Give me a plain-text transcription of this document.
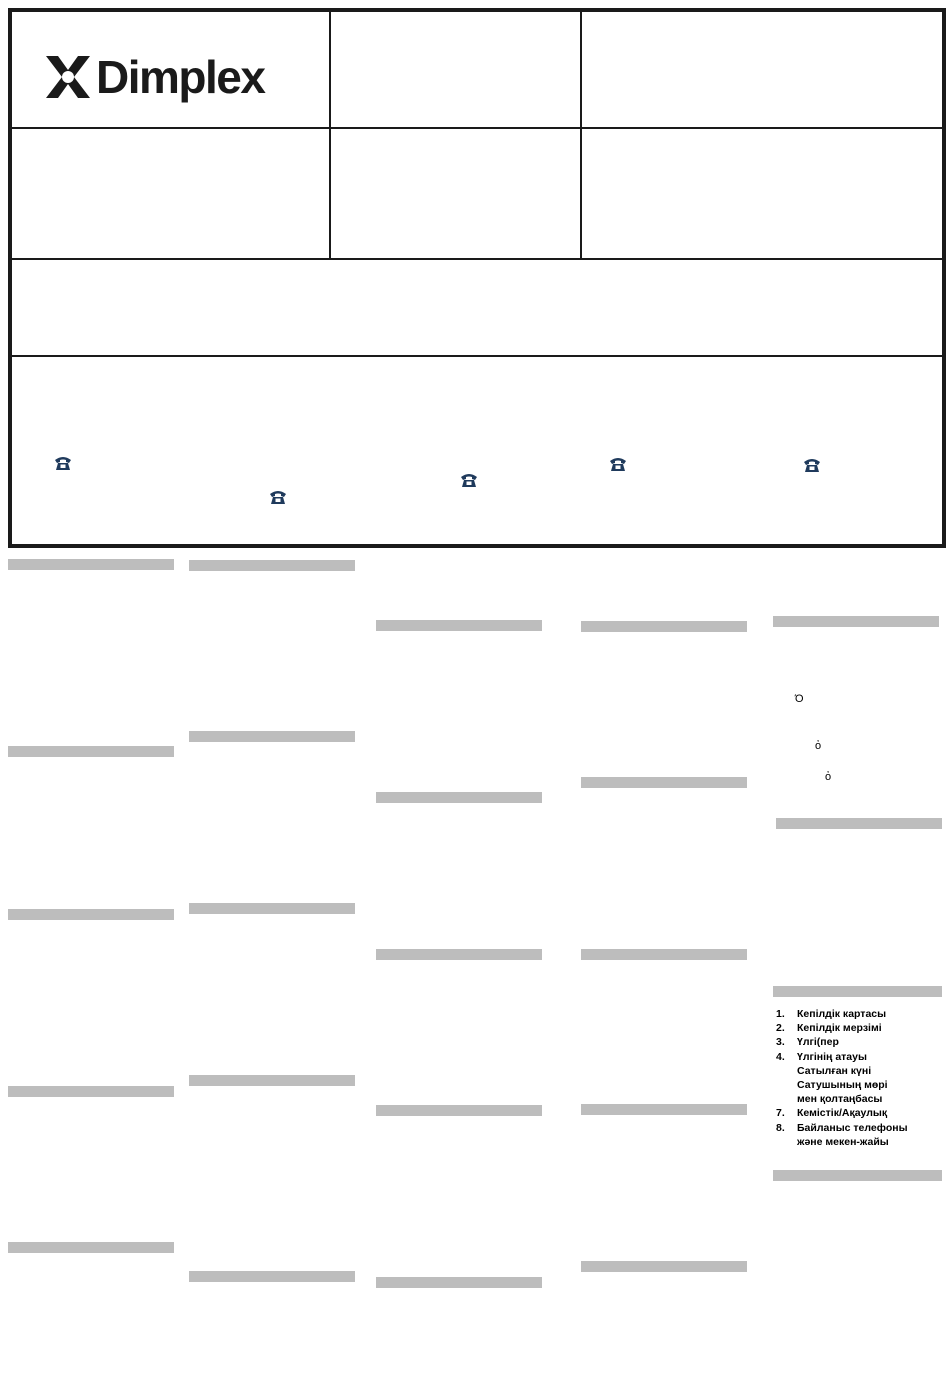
Dimplex
Ό
ὀ
ὀ
1.	Кепілдік картасы
2.	Кепілдік мерзімі
3.	Үлгі(пер
4.	Үлгінің атауы
Сатылған күні
Сатушының мөрі
мен қолтаңбасы
7.	Кемістік/Ақаулық
8.	Байланыс телефоны
және мекен-жайы
